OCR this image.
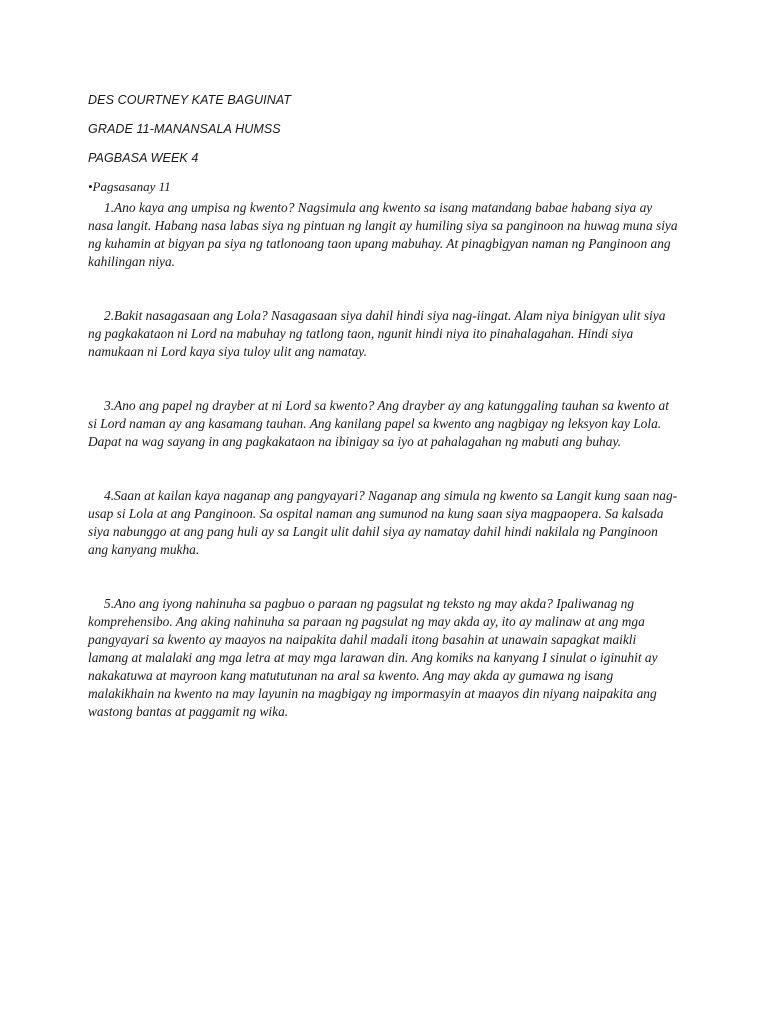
DES COURTNEY KATE BAGUINAT
GRADE 11-MANANSALA HUMSS
PAGBASA WEEK 4
•Pagsasanay 11

1.Ano kaya ang umpisa ng kwento? Nagsimula ang kwento sa isang matandang babae habang siya ay nasa langit. Habang nasa labas siya ng pintuan ng langit ay humiling siya sa panginoon na huwag muna siya ng kuhamin at bigyan pa siya ng tatlonoang taon upang mabuhay. At pinagbigyan naman ng Panginoon ang kahilingan niya.

2.Bakit nasagasaan ang Lola? Nasagasaan siya dahil hindi siya nag-iingat. Alam niya binigyan ulit siya ng pagkakataon ni Lord na mabuhay ng tatlong taon, ngunit hindi niya ito pinahalagahan. Hindi siya namukaan ni Lord kaya siya tuloy ulit ang namatay.

3.Ano ang papel ng drayber at ni Lord sa kwento? Ang drayber ay ang katunggaling tauhan sa kwento at si Lord naman ay ang kasamang tauhan. Ang kanilang papel sa kwento ang nagbigay ng leksyon kay Lola. Dapat na wag sayang in ang pagkakataon na ibinigay sa iyo at pahalagahan ng mabuti ang buhay.

4.Saan at kailan kaya naganap ang pangyayari? Naganap ang simula ng kwento sa Langit kung saan nag-usap si Lola at ang Panginoon. Sa ospital naman ang sumunod na kung saan siya magpaopera. Sa kalsada siya nabunggo at ang pang huli ay sa Langit ulit dahil siya ay namatay dahil hindi nakilala ng Panginoon ang kanyang mukha.

5.Ano ang iyong nahinuha sa pagbuo o paraan ng pagsulat ng teksto ng may akda? Ipaliwanag ng komprehensibo. Ang aking nahinuha sa paraan ng pagsulat ng may akda ay, ito ay malinaw at ang mga pangyayari sa kwento ay maayos na naipakita dahil madali itong basahin at unawain sapagkat maikli lamang at malalaki ang mga letra at may mga larawan din. Ang komiks na kanyang I sinulat o iginuhit ay nakakatuwa at mayroon kang matututunan na aral sa kwento. Ang may akda ay gumawa ng isang malakikhain na kwento na may layunin na magbigay ng impormasyin at maayos din niyang naipakita ang wastong bantas at paggamit ng wika.
